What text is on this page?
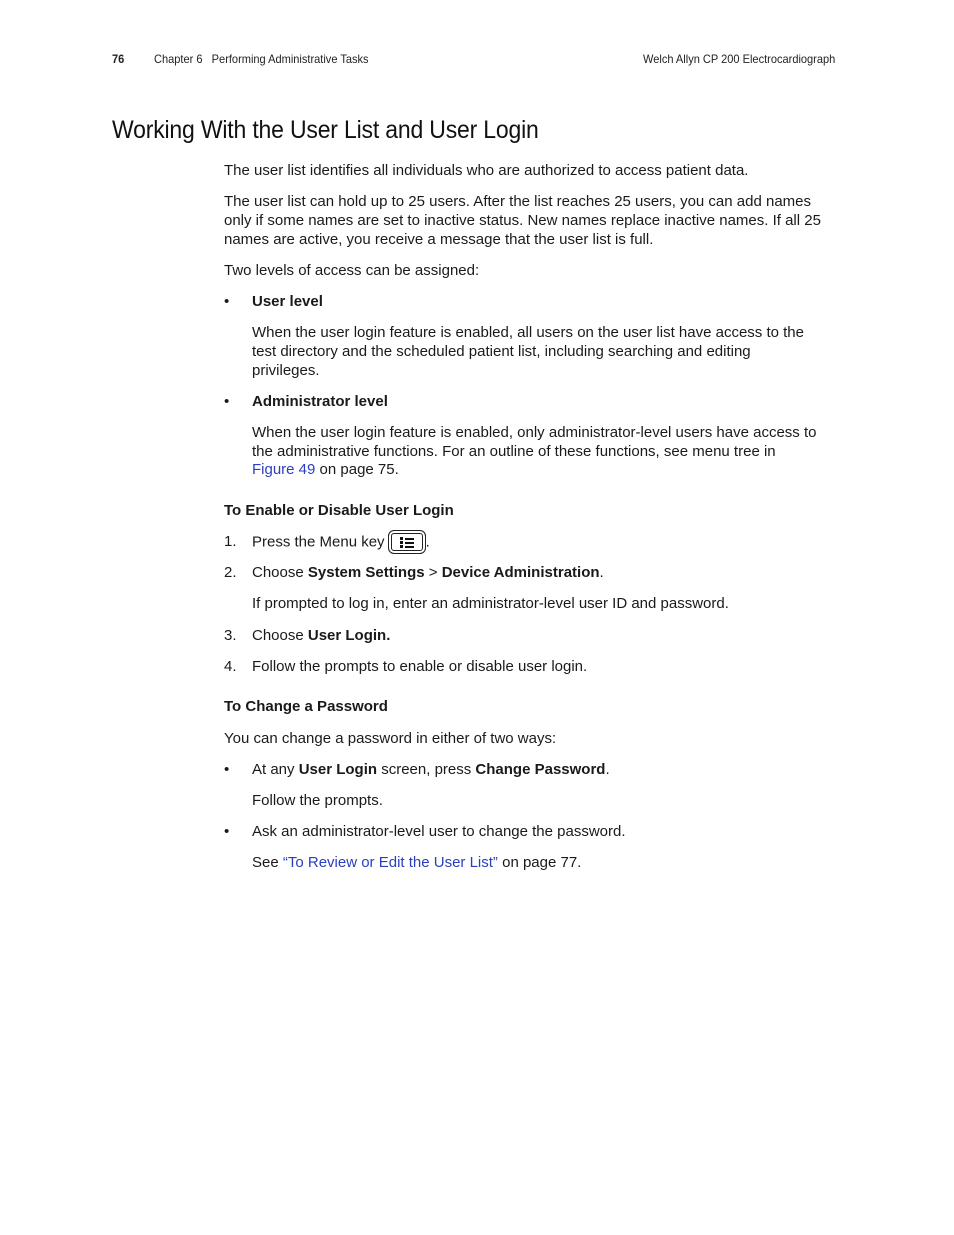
76 Chapter 6   Performing Administrative Tasks	Welch Allyn CP 200 Electrocardiograph
Working With the User List and User Login

The user list identifies all individuals who are authorized to access patient data.

The user list can hold up to 25 users. After the list reaches 25 users, you can add names

only if some names are set to inactive status. New names replace inactive names. If all 25

names are active, you receive a message that the user list is full.

Two levels of access can be assigned:

• User level

When the user login feature is enabled, all users on the user list have access to the

test directory and the scheduled patient list, including searching and editing

privileges.

• Administrator level

When the user login feature is enabled, only administrator-level users have access to

the administrative functions. For an outline of these functions, see menu tree in

Figure 49 on page 75.

To Enable or Disable User Login
1. Press the Menu key	.

2. Choose System Settings > Device Administration.

If prompted to log in, enter an administrator-level user ID and password.

3. Choose User Login.

4. Follow the prompts to enable or disable user login.

To Change a Password

You can change a password in either of two ways:

• At any User Login screen, press Change Password.

Follow the prompts.

• Ask an administrator-level user to change the password.

See “To Review or Edit the User List” on page 77.
